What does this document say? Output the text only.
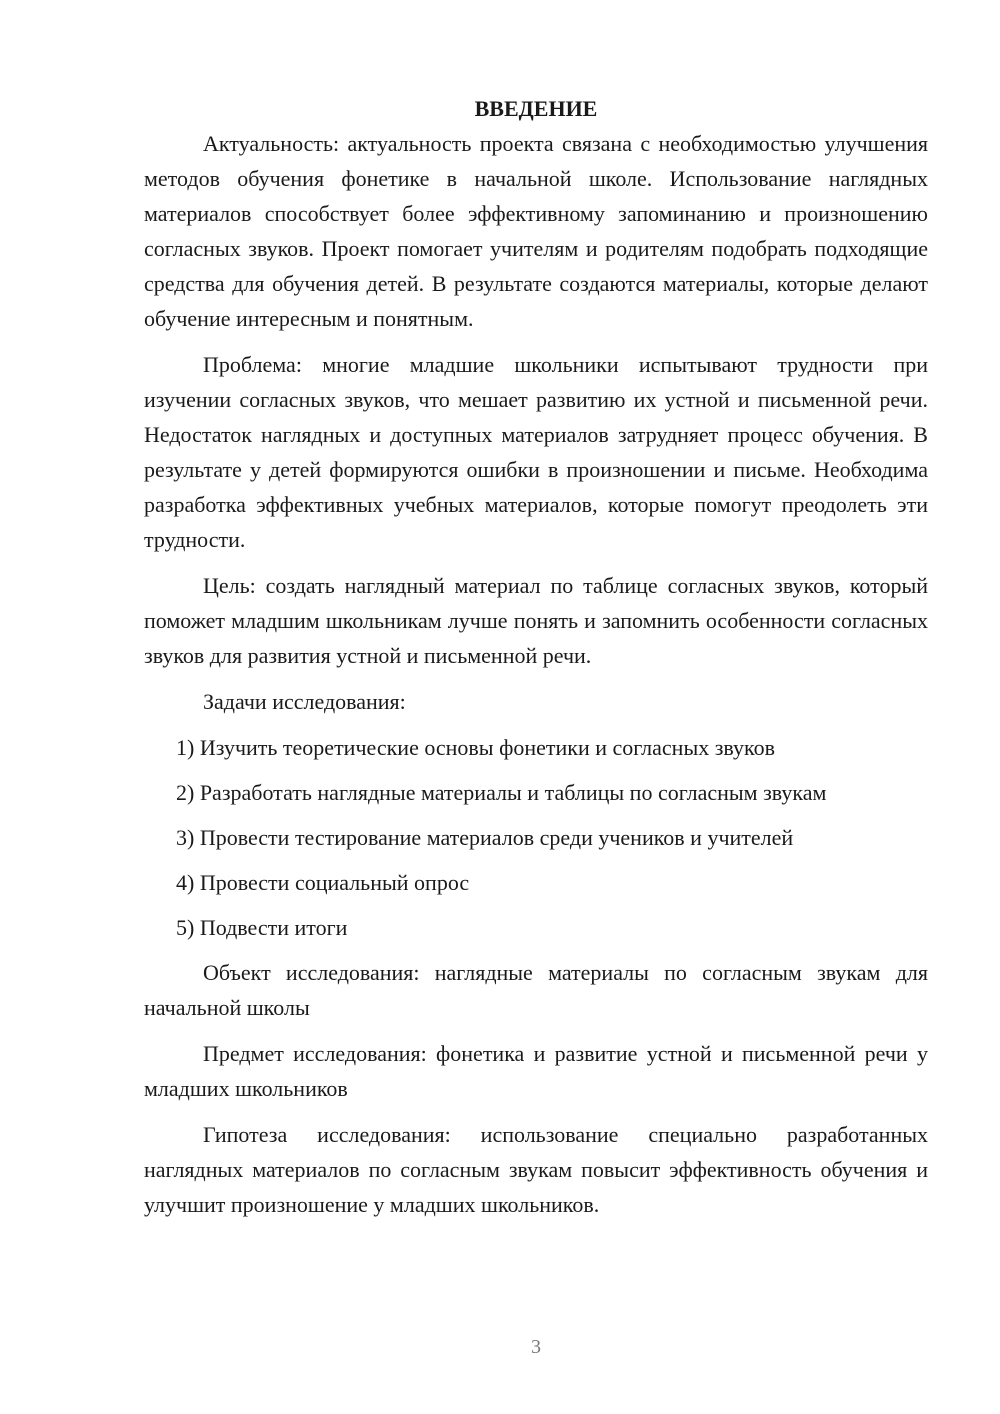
ВВЕДЕНИЕ

Актуальность: актуальность проекта связана с необходимостью улучшения методов обучения фонетике в начальной школе. Использование наглядных материалов способствует более эффективному запоминанию и произношению согласных звуков. Проект помогает учителям и родителям подобрать подходящие средства для обучения детей. В результате создаются материалы, которые делают обучение интересным и понятным.

Проблема: многие младшие школьники испытывают трудности при изучении согласных звуков, что мешает развитию их устной и письменной речи. Недостаток наглядных и доступных материалов затрудняет процесс обучения. В результате у детей формируются ошибки в произношении и письме. Необходима разработка эффективных учебных материалов, которые помогут преодолеть эти трудности.

Цель: создать наглядный материал по таблице согласных звуков, который поможет младшим школьникам лучше понять и запомнить особенности согласных звуков для развития устной и письменной речи.

Задачи исследования:

1) Изучить теоретические основы фонетики и согласных звуков
2) Разработать наглядные материалы и таблицы по согласным звукам
3) Провести тестирование материалов среди учеников и учителей
4) Провести социальный опрос
5) Подвести итоги

Объект исследования: наглядные материалы по согласным звукам для начальной школы

Предмет исследования: фонетика и развитие устной и письменной речи у младших школьников

Гипотеза исследования: использование специально разработанных наглядных материалов по согласным звукам повысит эффективность обучения и улучшит произношение у младших школьников.

3
